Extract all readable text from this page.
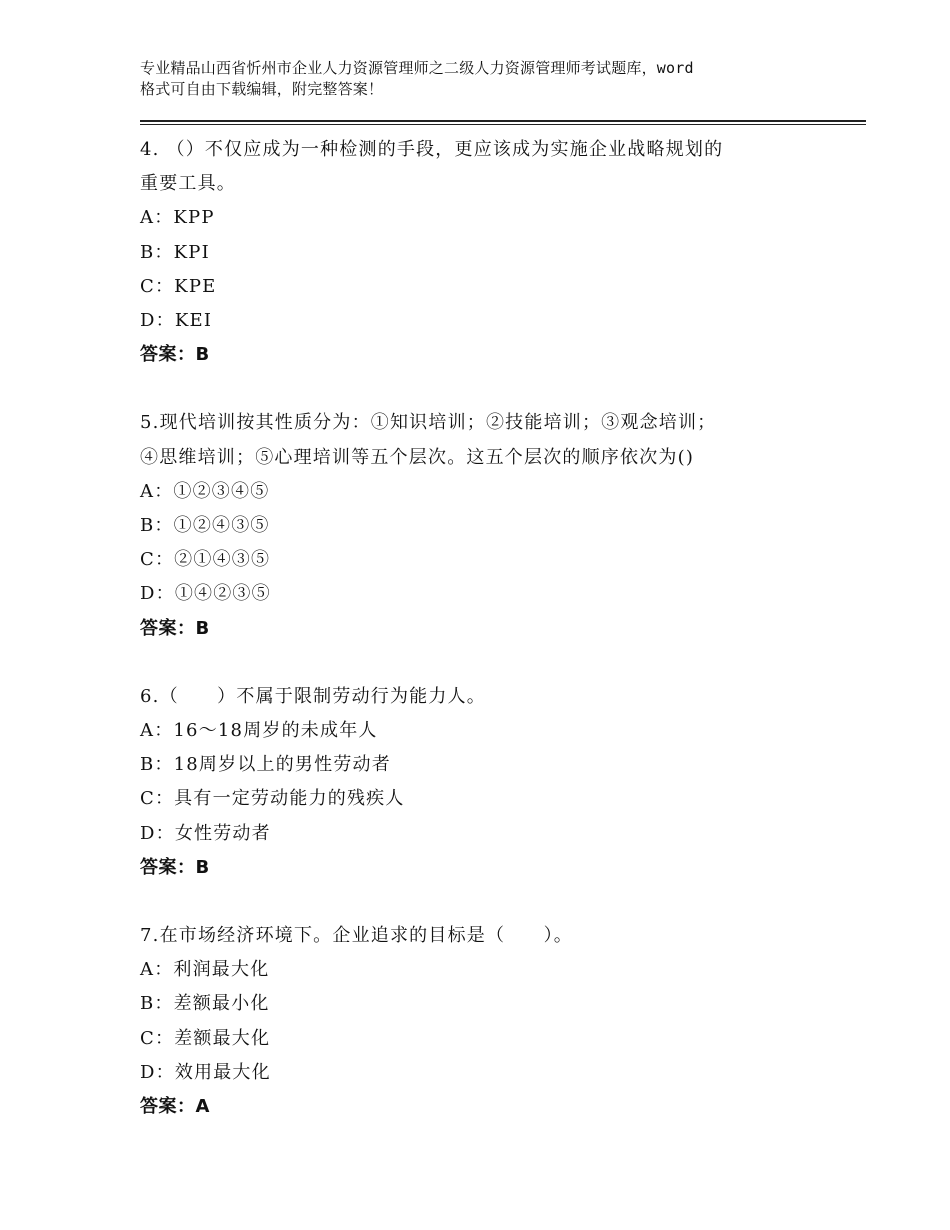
专业精品山西省忻州市企业人力资源管理师之二级人力资源管理师考试题库，word
格式可自由下载编辑，附完整答案！

4. （）不仅应成为一种检测的手段，更应该成为实施企业战略规划的

重要工具。

A：KPP

B：KPI

C：KPE

D：KEI

答案：B

5.现代培训按其性质分为：①知识培训；②技能培训；③观念培训；

④思维培训；⑤心理培训等五个层次。这五个层次的顺序依次为()

A：①②③④⑤

B：①②④③⑤

C：②①④③⑤

D：①④②③⑤

答案：B

6.（　　）不属于限制劳动行为能力人。

A：16～18周岁的未成年人

B：18周岁以上的男性劳动者

C：具有一定劳动能力的残疾人

D：女性劳动者

答案：B

7.在市场经济环境下。企业追求的目标是（　　）。

A：利润最大化

B：差额最小化

C：差额最大化

D：效用最大化

答案：A
